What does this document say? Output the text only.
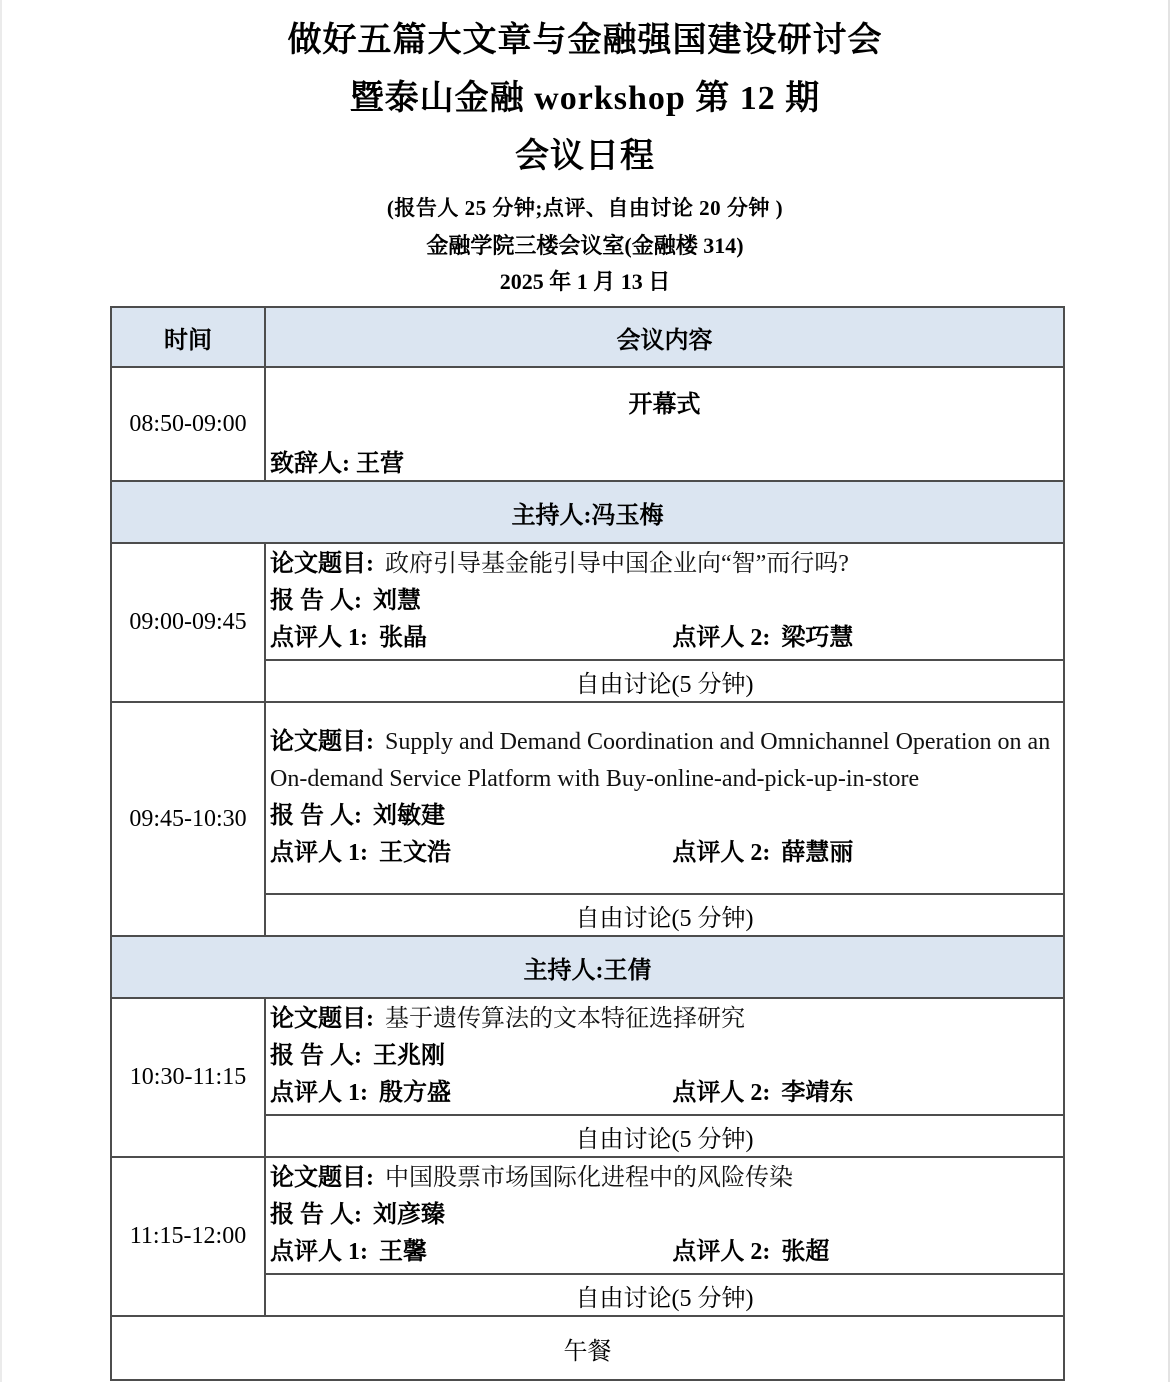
做好五篇大文章与金融强国建设研讨会
暨泰山金融 workshop 第 12 期
会议日程
(报告人 25 分钟;点评、自由讨论 20 分钟 )
金融学院三楼会议室(金融楼 314)
2025 年 1 月 13 日
时间	会议内容
08:50-09:00	开幕式
致辞人: 王营

主持人:冯玉梅	
09:00-09:45	论文题目: 政府引导基金能引导中国企业向“智”而行吗?
报 告 人: 刘慧
点评人 1: 张晶 点评人 2: 梁巧慧

	自由讨论(5 分钟)
09:45-10:30	论文题目: Supply and Demand Coordination and Omnichannel Operation on an On-demand Service Platform with Buy-online-and-pick-up-in-store
报 告 人: 刘敏建
点评人 1: 王文浩 点评人 2: 薛慧丽

	自由讨论(5 分钟)
主持人:王倩	
10:30-11:15	论文题目: 基于遗传算法的文本特征选择研究
报 告 人: 王兆刚
点评人 1: 殷方盛 点评人 2: 李靖东

	自由讨论(5 分钟)
11:15-12:00	论文题目: 中国股票市场国际化进程中的风险传染
报 告 人: 刘彦臻
点评人 1: 王馨 点评人 2: 张超

	自由讨论(5 分钟)
午餐	
